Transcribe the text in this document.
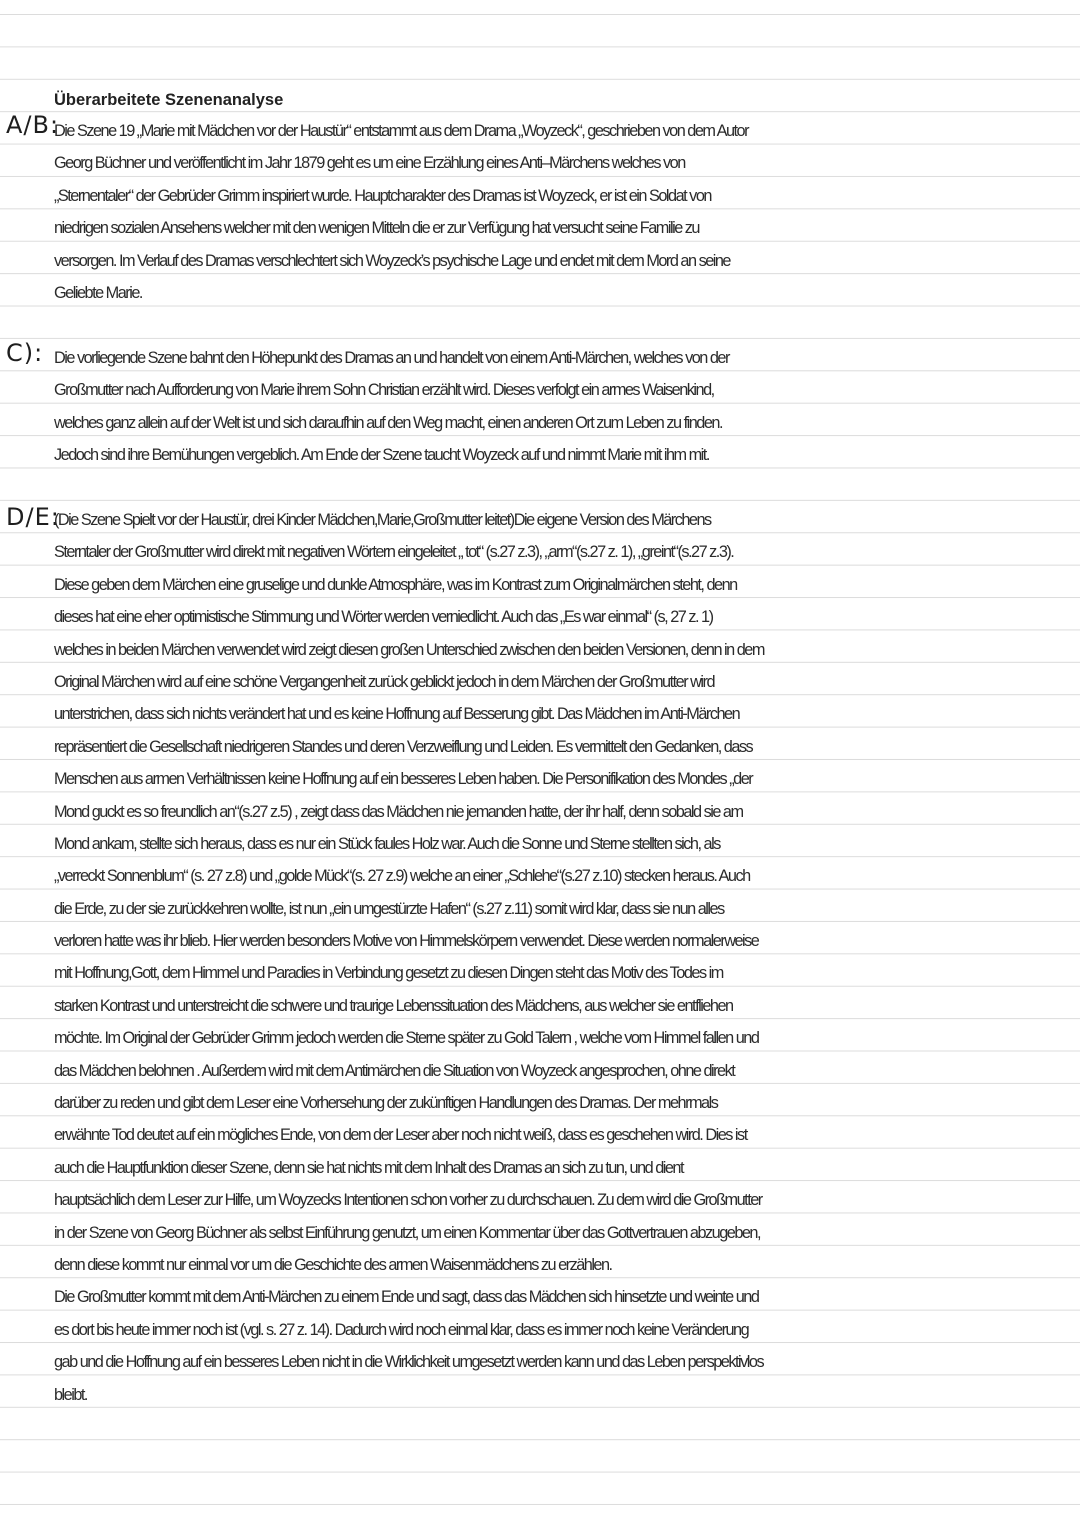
Überarbeitete Szenenanalyse
A/B:
C):
D/E:
Die Szene 19 „Marie mit Mädchen vor der Haustür“ entstammt aus dem Drama „Woyzeck“, geschrieben von dem Autor
Georg Büchner und veröffentlicht im Jahr 1879 geht es um eine Erzählung eines Anti–Märchens welches von
„Sternentaler“ der Gebrüder Grimm inspiriert wurde. Hauptcharakter des Dramas ist Woyzeck, er ist ein Soldat von
niedrigen sozialen Ansehens welcher mit den wenigen Mitteln die er zur Verfügung hat versucht seine Familie zu
versorgen. Im Verlauf des Dramas verschlechtert sich Woyzeck’s psychische Lage und endet mit dem Mord an seine
Geliebte Marie.
Die vorliegende Szene bahnt den Höhepunkt des Dramas an und handelt von einem Anti-Märchen, welches von der
Großmutter nach Aufforderung von Marie ihrem Sohn Christian erzählt wird. Dieses verfolgt ein armes Waisenkind,
welches ganz allein auf der Welt ist und sich daraufhin auf den Weg macht, einen anderen Ort zum Leben zu finden.
Jedoch sind ihre Bemühungen vergeblich. Am Ende der Szene taucht Woyzeck auf und nimmt Marie mit ihm mit.
(Die Szene Spielt vor der Haustür, drei Kinder Mädchen,Marie,Großmutter leitet)Die eigene Version des Märchens
Sterntaler der Großmutter wird direkt mit negativen Wörtern eingeleitet „ tot“ (s.27 z.3), „arm“(s.27 z. 1), „greint“(s.27 z.3).
Diese geben dem Märchen eine gruselige und dunkle Atmosphäre, was im Kontrast zum Originalmärchen steht, denn
dieses hat eine eher optimistische Stimmung und Wörter werden verniedlicht. Auch das „Es war einmal“ (s, 27 z. 1)
welches in beiden Märchen verwendet wird zeigt diesen großen Unterschied zwischen den beiden Versionen, denn in dem
Original Märchen wird auf eine schöne Vergangenheit zurück geblickt jedoch in dem Märchen der Großmutter wird
unterstrichen, dass sich nichts verändert hat und es keine Hoffnung auf Besserung gibt. Das Mädchen im Anti-Märchen
repräsentiert die Gesellschaft niedrigeren Standes und deren Verzweiflung und Leiden. Es vermittelt den Gedanken, dass
Menschen aus armen Verhältnissen keine Hoffnung auf ein besseres Leben haben. Die Personifikation des Mondes „der
Mond guckt es so freundlich an“(s.27 z.5) , zeigt dass das Mädchen nie jemanden hatte, der ihr half, denn sobald sie am
Mond ankam, stellte sich heraus, dass es nur ein Stück faules Holz war. Auch die Sonne und Sterne stellten sich, als
„verreckt Sonnenblum“ (s. 27 z.8) und „golde Mück“(s. 27 z.9) welche an einer „Schlehe“(s.27 z.10) stecken heraus. Auch
die Erde, zu der sie zurückkehren wollte, ist nun „ein umgestürzte Hafen“ (s.27 z.11) somit wird klar, dass sie nun alles
verloren hatte was ihr blieb. Hier werden besonders Motive von Himmelskörpern verwendet. Diese werden normalerweise
mit Hoffnung,Gott, dem Himmel und Paradies in Verbindung gesetzt zu diesen Dingen steht das Motiv des Todes im
starken Kontrast und unterstreicht die schwere und traurige Lebenssituation des Mädchens, aus welcher sie entfliehen
möchte. Im Original der Gebrüder Grimm jedoch werden die Sterne später zu Gold Talern , welche vom Himmel fallen und
das Mädchen belohnen . Außerdem wird mit dem Antimärchen die Situation von Woyzeck angesprochen, ohne direkt
darüber zu reden und gibt dem Leser eine Vorhersehung der zukünftigen Handlungen des Dramas. Der mehrmals
erwähnte Tod deutet auf ein mögliches Ende, von dem der Leser aber noch nicht weiß, dass es geschehen wird. Dies ist
auch die Hauptfunktion dieser Szene, denn sie hat nichts mit dem Inhalt des Dramas an sich zu tun, und dient
hauptsächlich dem Leser zur Hilfe, um Woyzecks Intentionen schon vorher zu durchschauen. Zu dem wird die Großmutter
in der Szene von Georg Büchner als selbst Einführung genutzt, um einen Kommentar über das Gottvertrauen abzugeben,
denn diese kommt nur einmal vor um die Geschichte des armen Waisenmädchens zu erzählen.
Die Großmutter kommt mit dem Anti-Märchen zu einem Ende und sagt, dass das Mädchen sich hinsetzte und weinte und
es dort bis heute immer noch ist (vgl. s. 27 z. 14). Dadurch wird noch einmal klar, dass es immer noch keine Veränderung
gab und die Hoffnung auf ein besseres Leben nicht in die Wirklichkeit umgesetzt werden kann und das Leben perspektivlos
bleibt.
